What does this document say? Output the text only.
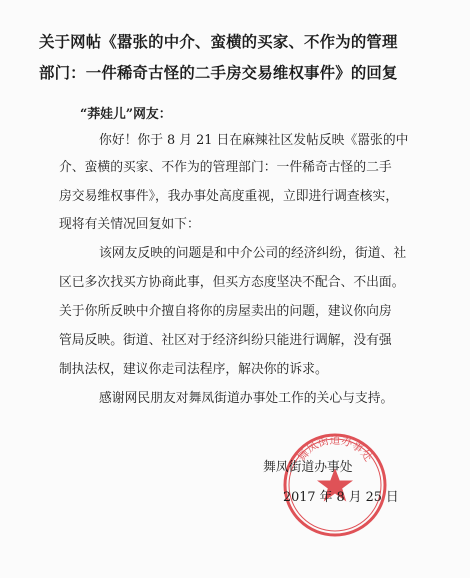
关于网帖《嚣张的中介、蛮横的买家、不作为的管理
部门：一件稀奇古怪的二手房交易维权事件》的回复
“莽娃儿”网友：
你好！你于 8 月 21 日在麻辣社区发帖反映《嚣张的中
介、蛮横的买家、不作为的管理部门：一件稀奇古怪的二手
房交易维权事件》，我办事处高度重视，立即进行调查核实，
现将有关情况回复如下：
该网友反映的问题是和中介公司的经济纠纷，街道、社
区已多次找买方协商此事，但买方态度坚决不配合、不出面。
关于你所反映中介擅自将你的房屋卖出的问题，建议你向房
管局反映。街道、社区对于经济纠纷只能进行调解，没有强
制执法权，建议你走司法程序，解决你的诉求。
感谢网民朋友对舞凤街道办事处工作的关心与支持。
舞凤街道办事处
舞凤街道办事处
2017 年 8 月 25 日
